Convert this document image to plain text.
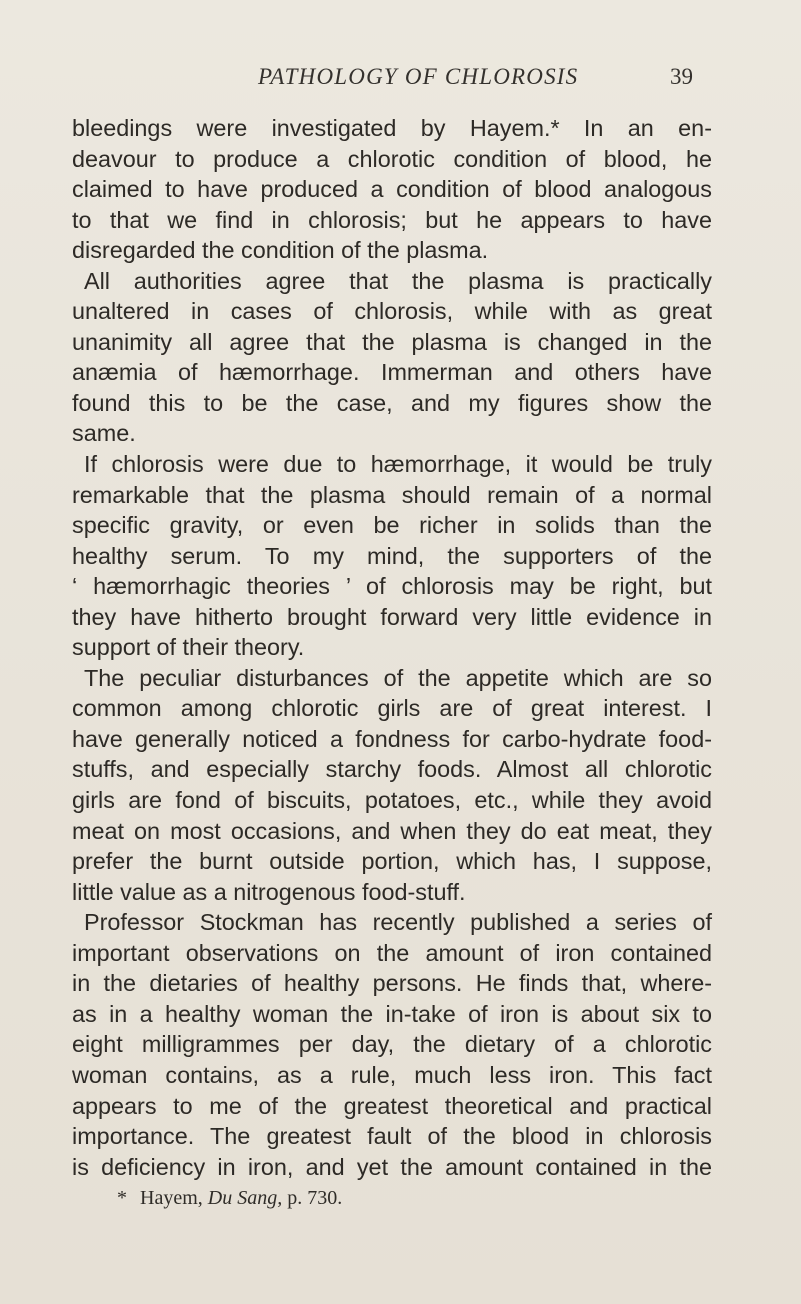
PATHOLOGY OF CHLOROSIS	39
bleedings were investigated by Hayem.* In an en-
deavour to produce a chlorotic condition of blood, he
claimed to have produced a condition of blood analogous
to that we find in chlorosis; but he appears to have
disregarded the condition of the plasma.
All authorities agree that the plasma is practically
unaltered in cases of chlorosis, while with as great
unanimity all agree that the plasma is changed in the
anæmia of hæmorrhage. Immerman and others have
found this to be the case, and my figures show the
same.
If chlorosis were due to hæmorrhage, it would be truly
remarkable that the plasma should remain of a normal
specific gravity, or even be richer in solids than the
healthy serum. To my mind, the supporters of the
‘ hæmorrhagic theories ’ of chlorosis may be right, but
they have hitherto brought forward very little evidence in
support of their theory.
The peculiar disturbances of the appetite which are so
common among chlorotic girls are of great interest. I
have generally noticed a fondness for carbo-hydrate food-
stuffs, and especially starchy foods. Almost all chlorotic
girls are fond of biscuits, potatoes, etc., while they avoid
meat on most occasions, and when they do eat meat, they
prefer the burnt outside portion, which has, I suppose,
little value as a nitrogenous food-stuff.
Professor Stockman has recently published a series of
important observations on the amount of iron contained
in the dietaries of healthy persons. He finds that, where-
as in a healthy woman the in-take of iron is about six to
eight milligrammes per day, the dietary of a chlorotic
woman contains, as a rule, much less iron. This fact
appears to me of the greatest theoretical and practical
importance. The greatest fault of the blood in chlorosis
is deficiency in iron, and yet the amount contained in the
* Hayem, Du Sang, p. 730.
